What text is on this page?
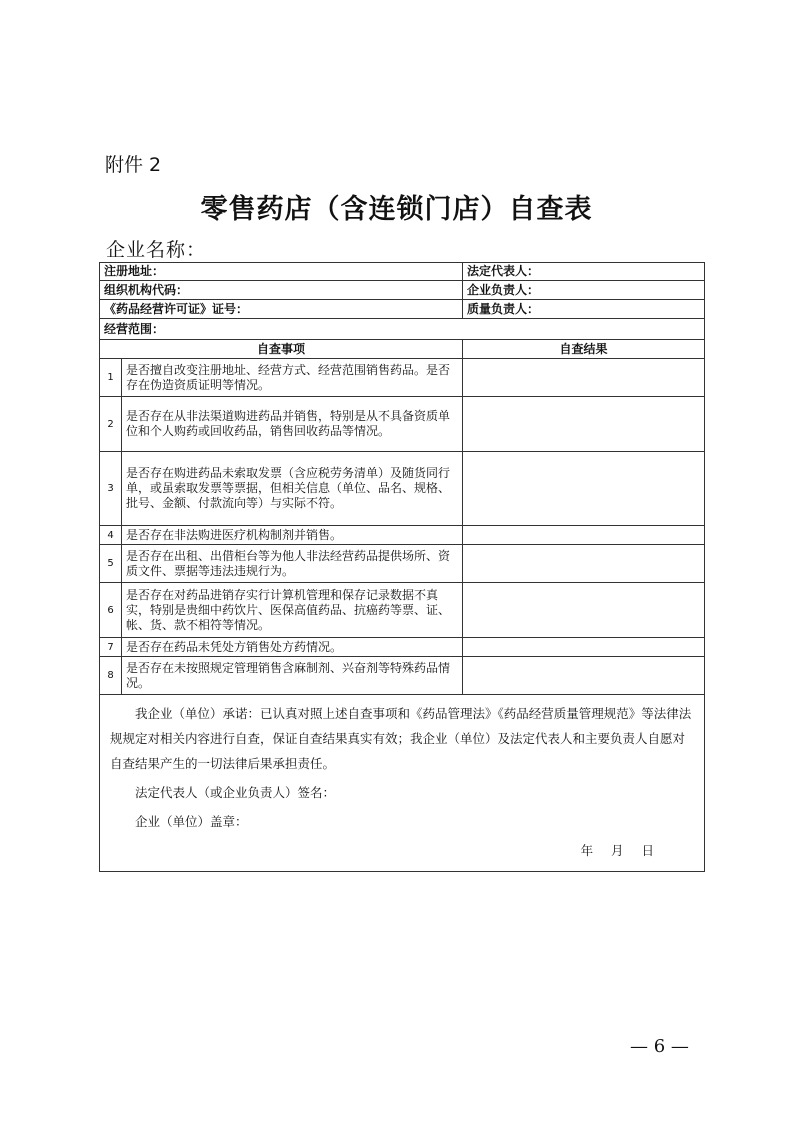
附件 2
零售药店（含连锁门店）自查表
企业名称：
注册地址：		法定代表人：
组织机构代码：		企业负责人：
《药品经营许可证》证号：		质量负责人：
经营范围：		
自查事项		自查结果
1	是否擅自改变注册地址、经营方式、经营范围销售药品。是否存在伪造资质证明等情况。	
2	是否存在从非法渠道购进药品并销售，特别是从不具备资质单位和个人购药或回收药品，销售回收药品等情况。	
3	是否存在购进药品未索取发票（含应税劳务清单）及随货同行单，或虽索取发票等票据，但相关信息（单位、品名、规格、批号、金额、付款流向等）与实际不符。	
4	是否存在非法购进医疗机构制剂并销售。	
5	是否存在出租、出借柜台等为他人非法经营药品提供场所、资质文件、票据等违法违规行为。	
6	是否存在对药品进销存实行计算机管理和保存记录数据不真实，特别是贵细中药饮片、医保高值药品、抗癌药等票、证、帐、货、款不相符等情况。	
7	是否存在药品未凭处方销售处方药情况。	
8	是否存在未按照规定管理销售含麻制剂、兴奋剂等特殊药品情况。	

我企业（单位）承诺：已认真对照上述自查事项和《药品管理法》《药品经营质量管理规范》等法律法规规定对相关内容进行自查，保证自查结果真实有效；我企业（单位）及法定代表人和主要负责人自愿对自查结果产生的一切法律后果承担责任。

法定代表人（或企业负责人）签名：

企业（单位）盖章：

年 月 日		

— 6 —
